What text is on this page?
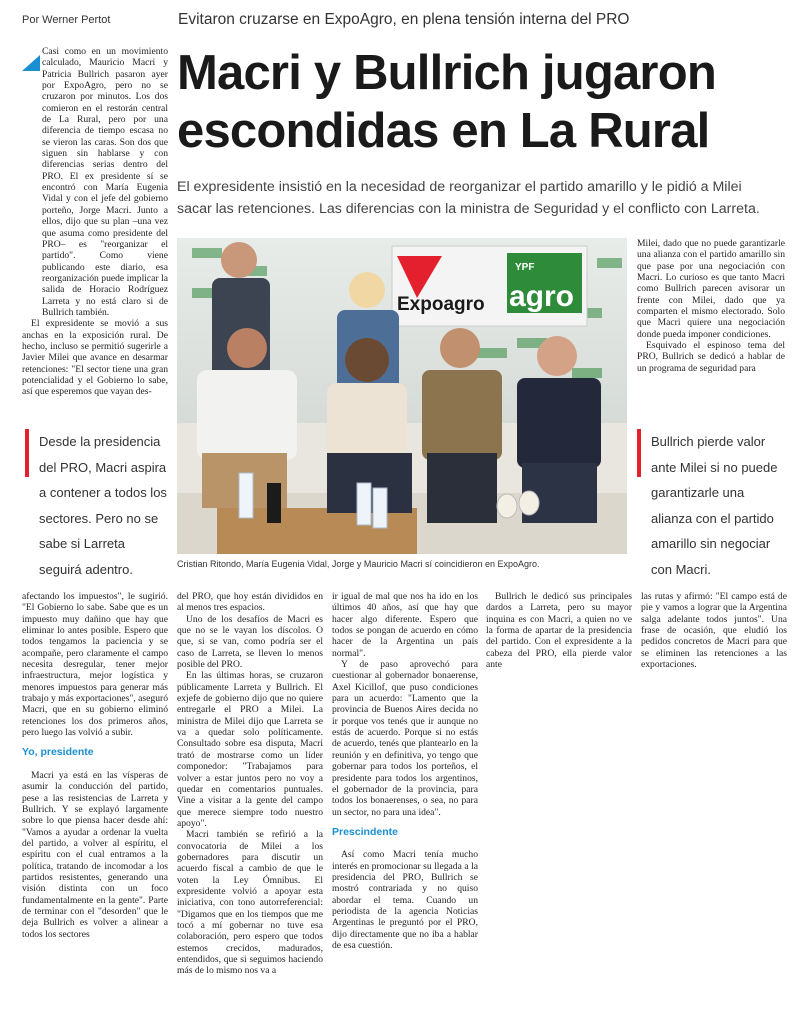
Por Werner Pertot	Evitaron cruzarse en ExpoAgro, en plena tensión interna del PRO
Macri y Bullrich jugaron escondidas en La Rural

El expresidente insistió en la necesidad de reorganizar el partido amarillo y le pidió a Milei sacar las retenciones. Las diferencias con la ministra de Seguridad y el conflicto con Larreta.

Casi como en un movimiento calculado, Mauricio Macri y Patricia Bullrich pasaron ayer por ExpoAgro, pero no se cruzaron por minutos. Los dos comieron en el restorán central de La Rural, pero por una diferencia de tiempo escasa no se vieron las caras. Son dos que siguen sin hablarse y con diferencias serias dentro del PRO. El ex presidente sí se encontró con María Eugenia Vidal y con el jefe del gobierno porteño, Jorge Macri. Junto a ellos, dijo que su plan –una vez que asuma como presidente del PRO– es "reorganizar el partido". Como viene publicando este diario, esa reorganización puede implicar la salida de Horacio Rodríguez Larreta y no está claro si de Bullrich también.

El expresidente se movió a sus anchas en la exposición rural. De hecho, incluso se permitió sugerirle a Javier Milei que avance en desarmar retenciones: "El sector tiene una gran potencialidad y el Gobierno lo sabe, así que esperemos que vayan des-

Desde la presidencia del PRO, Macri aspira a contener a todos los sectores. Pero no se sabe si Larreta seguirá adentro.
Expoagro
YPF
agro
Cristian Ritondo, María Eugenia Vidal, Jorge y Mauricio Macri sí coincidieron en ExpoAgro.

Milei, dado que no puede garantizarle una alianza con el partido amarillo sin que pase por una negociación con Macri. Lo curioso es que tanto Macri como Bullrich parecen avisorar un frente con Milei, dado que ya comparten el mismo electorado. Solo que Macri quiere una negociación donde pueda imponer condiciones.

Esquivado el espinoso tema del PRO, Bullrich se dedicó a hablar de un programa de seguridad para

Bullrich pierde valor ante Milei si no puede garantizarle una alianza con el partido amarillo sin negociar con Macri.

afectando los impuestos", le sugirió. "El Gobierno lo sabe. Sabe que es un impuesto muy dañino que hay que eliminar lo antes posible. Espero que todos tengamos la paciencia y se acompañe, pero claramente el campo necesita desregular, tener mejor infraestructura, mejor logística y menores impuestos para generar más trabajo y más exportaciones", aseguró Macri, que en su gobierno eliminó retenciones los dos primeros años, pero luego las volvió a subir.

Yo, presidente

Macri ya está en las vísperas de asumir la conducción del partido, pese a las resistencias de Larreta y Bullrich. Y se explayó largamente sobre lo que piensa hacer desde ahí: "Vamos a ayudar a ordenar la vuelta del partido, a volver al espíritu, el espíritu con el cual entramos a la política, tratando de incomodar a los partidos resistentes, generando una visión distinta con un foco fundamentalmente en la gente". Parte de terminar con el "desorden" que le deja Bullrich es volver a alinear a todos los sectores

del PRO, que hoy están divididos en al menos tres espacios.

Uno de los desafíos de Macri es que no se le vayan los díscolos. O que, si se van, como podría ser el caso de Larreta, se lleven lo menos posible del PRO.

En las últimas horas, se cruzaron públicamente Larreta y Bullrich. El exjefe de gobierno dijo que no quiere entregarle el PRO a Milei. La ministra de Milei dijo que Larreta se va a quedar solo políticamente. Consultado sobre esa disputa, Macri trató de mostrarse como un líder componedor: "Trabajamos para volver a estar juntos pero no voy a quedar en comentarios puntuales. Vine a visitar a la gente del campo que merece siempre todo nuestro apoyo".

Macri también se refirió a la convocatoria de Milei a los gobernadores para discutir un acuerdo fiscal a cambio de que le voten la Ley Ómnibus. El expresidente volvió a apoyar esta iniciativa, con tono autorreferencial: "Digamos que en los tiempos que me tocó a mí gobernar no tuve esa colaboración, pero espero que todos estemos crecidos, madurados, entendidos, que si seguimos haciendo más de lo mismo nos va a

ir igual de mal que nos ha ido en los últimos 40 años, así que hay que hacer algo diferente. Espero que todos se pongan de acuerdo en cómo hacer de la Argentina un país normal".

Y de paso aprovechó para cuestionar al gobernador bonaerense, Axel Kicillof, que puso condiciones para un acuerdo: "Lamento que la provincia de Buenos Aires decida no ir porque vos tenés que ir aunque no estás de acuerdo. Porque si no estás de acuerdo, tenés que plantearlo en la reunión y en definitiva, yo tengo que gobernar para todos los porteños, el presidente para todos los argentinos, el gobernador de la provincia, para todos los bonaerenses, o sea, no para un sector, no para una idea".

Prescindente

Así como Macri tenía mucho interés en promocionar su llegada a la presidencia del PRO, Bullrich se mostró contrariada y no quiso abordar el tema. Cuando un periodista de la agencia Noticias Argentinas le preguntó por el PRO, dijo directamente que no iba a hablar de esa cuestión.

Bullrich le dedicó sus principales dardos a Larreta, pero su mayor inquina es con Macri, a quien no ve la forma de apartar de la presidencia del partido. Con el expresidente a la cabeza del PRO, ella pierde valor ante

las rutas y afirmó: "El campo está de pie y vamos a lograr que la Argentina salga adelante todos juntos". Una frase de ocasión, que eludió los pedidos concretos de Macri para que se eliminen las retenciones a las exportaciones.
